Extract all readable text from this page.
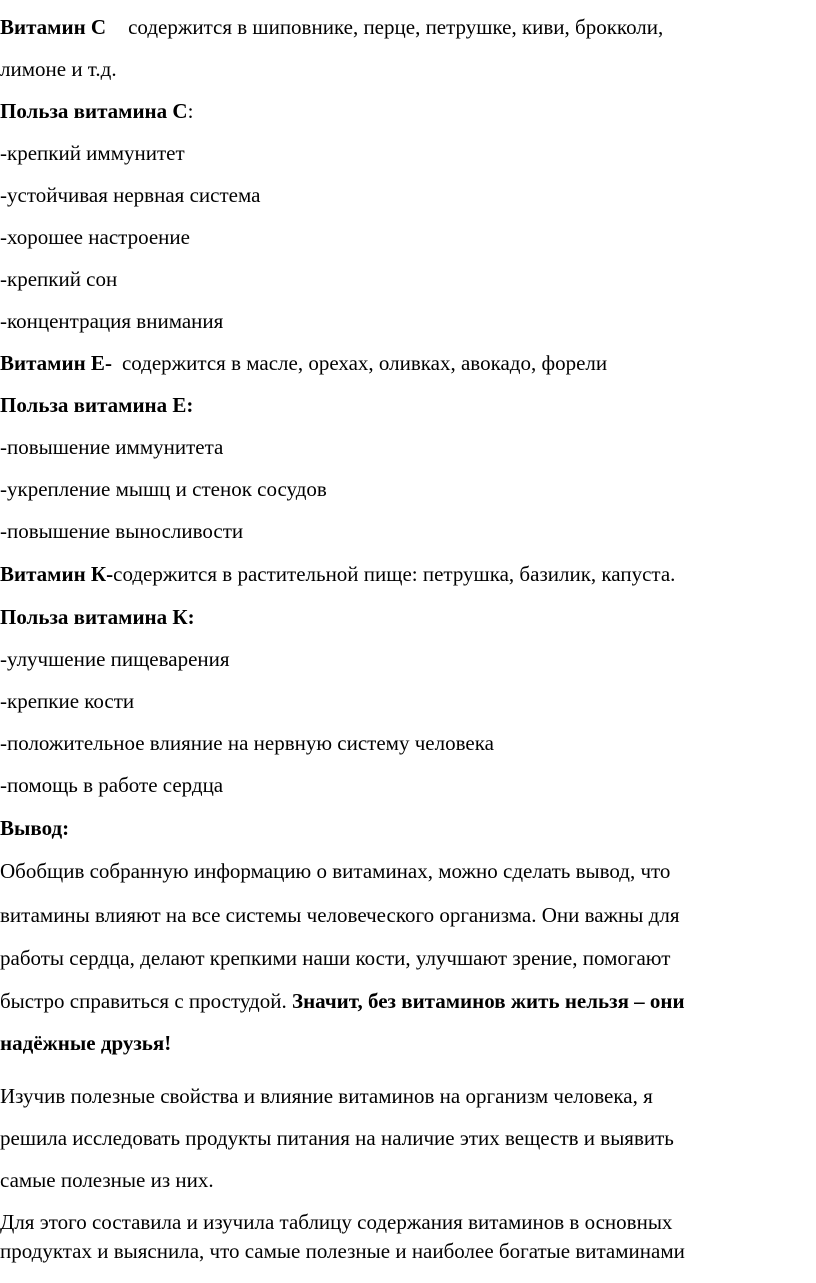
Витамин С содержится в шиповнике, перце, петрушке, киви, брокколи,
лимоне и т.д.
Польза витамина С:
-крепкий иммунитет
-устойчивая нервная система
-хорошее настроение
-крепкий сон
-концентрация внимания
Витамин Е- содержится в масле, орехах, оливках, авокадо, форели
Польза витамина Е:
-повышение иммунитета
-укрепление мышц и стенок сосудов
-повышение выносливости
Витамин К-содержится в растительной пище: петрушка, базилик, капуста.
Польза витамина К:
-улучшение пищеварения
-крепкие кости
-положительное влияние на нервную систему человека
-помощь в работе сердца
Вывод:
Обобщив собранную информацию о витаминах, можно сделать вывод, что
витамины влияют на все системы человеческого организма. Они важны для
работы сердца, делают крепкими наши кости, улучшают зрение, помогают
быстро справиться с простудой. Значит, без витаминов жить нельзя – они
надёжные друзья!
Изучив полезные свойства и влияние витаминов на организм человека, я
решила исследовать продукты питания на наличие этих веществ и выявить
самые полезные из них.
Для этого составила и изучила таблицу содержания витаминов в основных
продуктах и выяснила, что самые полезные и наиболее богатые витаминами
